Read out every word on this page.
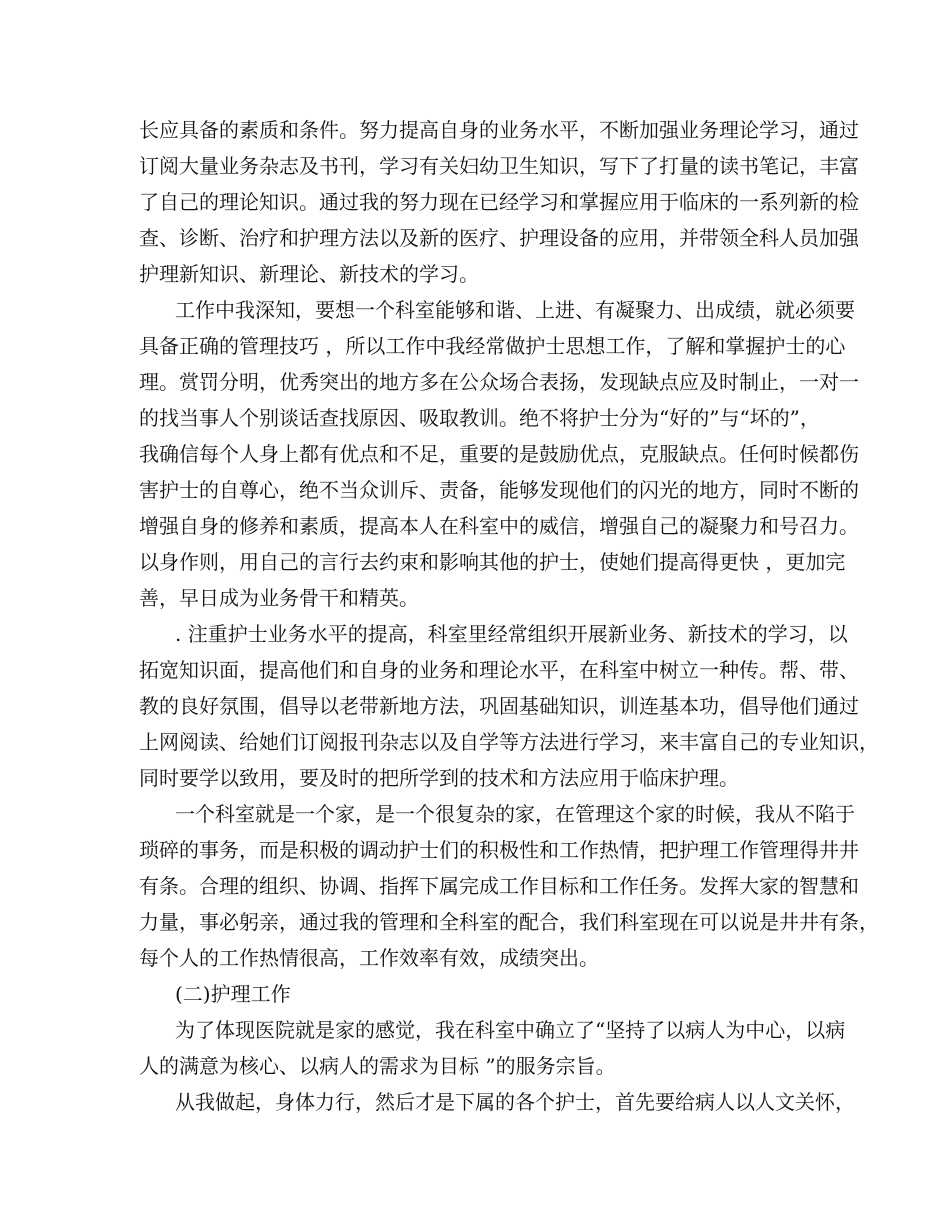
长应具备的素质和条件。努力提高自身的业务水平，不断加强业务理论学习，通过
订阅大量业务杂志及书刊，学习有关妇幼卫生知识，写下了打量的读书笔记，丰富
了自己的理论知识。通过我的努力现在已经学习和掌握应用于临床的一系列新的检
查、诊断、治疗和护理方法以及新的医疗、护理设备的应用，并带领全科人员加强
护理新知识、新理论、新技术的学习。
工作中我深知，要想一个科室能够和谐、上进、有凝聚力、出成绩，就必须要
具备正确的管理技巧 ，所以工作中我经常做护士思想工作，了解和掌握护士的心
理。赏罚分明，优秀突出的地方多在公众场合表扬，发现缺点应及时制止，一对一
的找当事人个别谈话查找原因、吸取教训。绝不将护士分为“好的”与“坏的”，
我确信每个人身上都有优点和不足，重要的是鼓励优点，克服缺点。任何时候都伤
害护士的自尊心，绝不当众训斥、责备，能够发现他们的闪光的地方，同时不断的
增强自身的修养和素质，提高本人在科室中的威信，增强自己的凝聚力和号召力。
以身作则，用自己的言行去约束和影响其他的护士，使她们提高得更快 ，更加完
善，早日成为业务骨干和精英。
. 注重护士业务水平的提高，科室里经常组织开展新业务、新技术的学习，以
拓宽知识面，提高他们和自身的业务和理论水平，在科室中树立一种传。帮、带、
教的良好氛围，倡导以老带新地方法，巩固基础知识，训连基本功，倡导他们通过
上网阅读、给她们订阅报刊杂志以及自学等方法进行学习，来丰富自己的专业知识，
同时要学以致用，要及时的把所学到的技术和方法应用于临床护理。
一个科室就是一个家，是一个很复杂的家，在管理这个家的时候，我从不陷于
琐碎的事务，而是积极的调动护士们的积极性和工作热情，把护理工作管理得井井
有条。合理的组织、协调、指挥下属完成工作目标和工作任务。发挥大家的智慧和
力量，事必躬亲，通过我的管理和全科室的配合，我们科室现在可以说是井井有条，
每个人的工作热情很高，工作效率有效，成绩突出。
(二)护理工作
为了体现医院就是家的感觉，我在科室中确立了“坚持了以病人为中心，以病
人的满意为核心、以病人的需求为目标 ”的服务宗旨。
从我做起，身体力行，然后才是下属的各个护士，首先要给病人以人文关怀，
